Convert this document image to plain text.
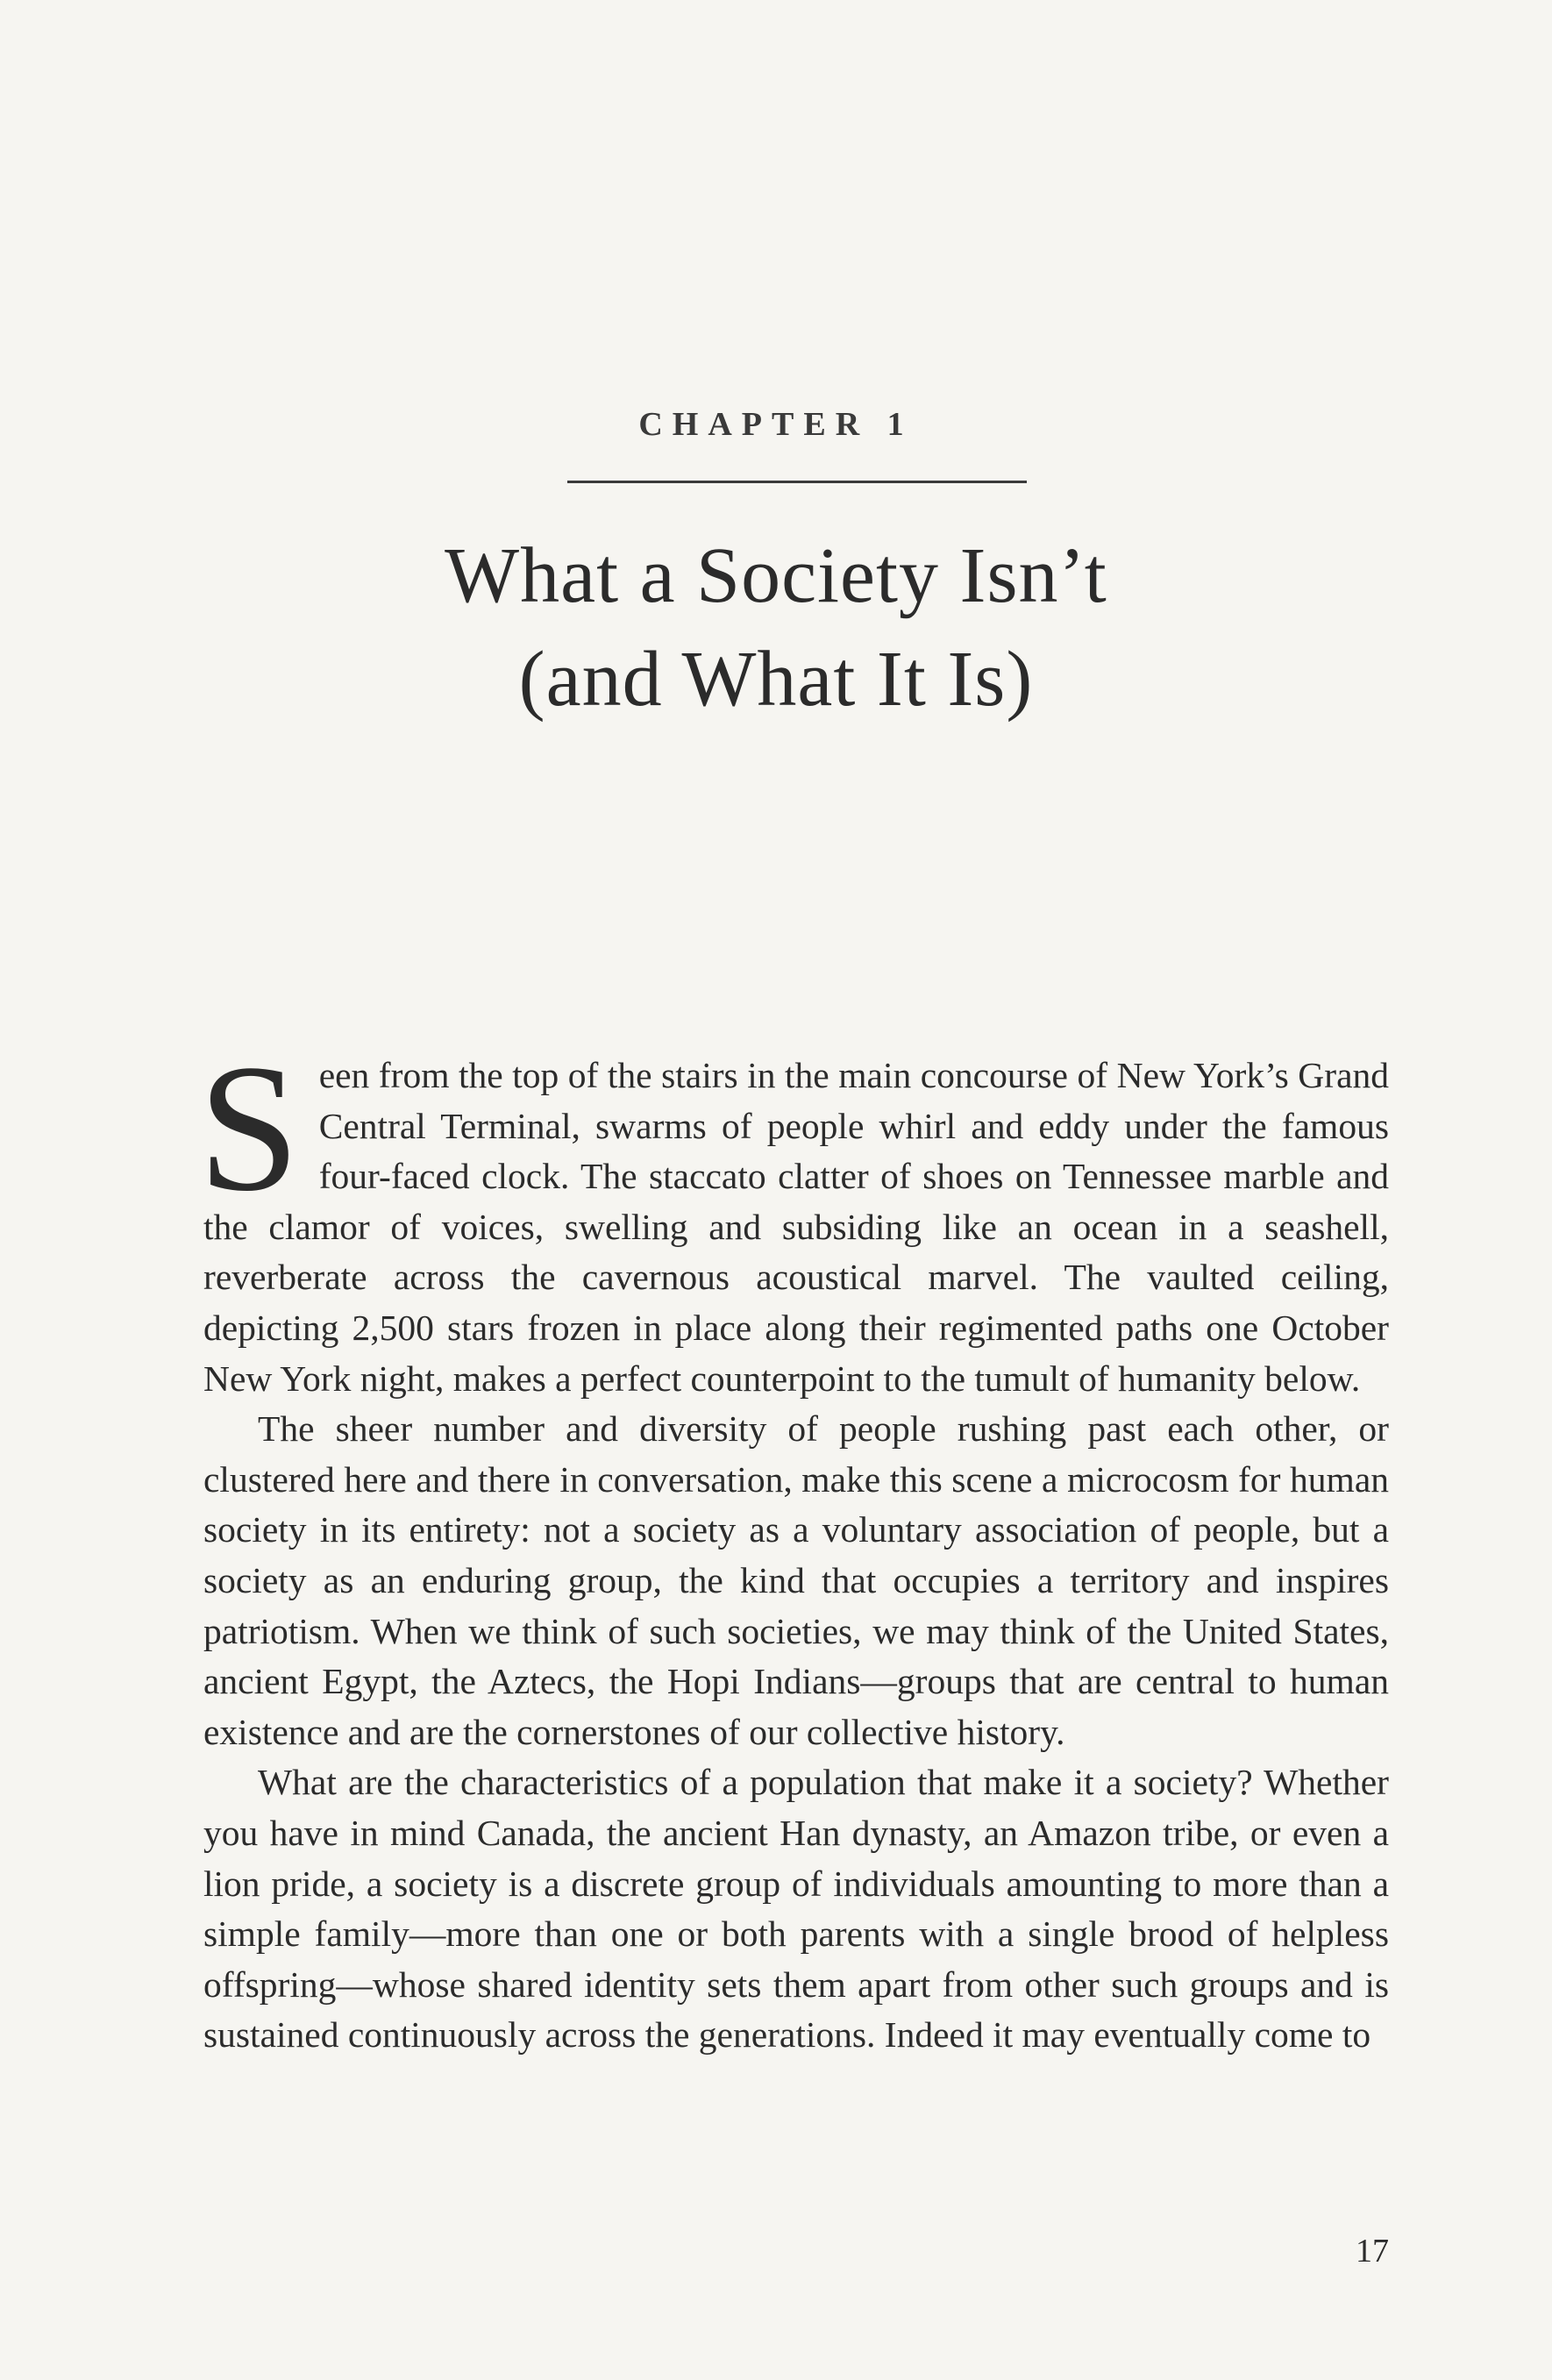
CHAPTER 1
What a Society Isn’t
(and What It Is)

Seen from the top of the stairs in the main concourse of New York’s Grand Central Terminal, swarms of people whirl and eddy under the famous four-faced clock. The staccato clatter of shoes on Tennessee marble and the clamor of voices, swelling and subsiding like an ocean in a seashell, reverberate across the cavernous acoustical marvel. The vaulted ceiling, depicting 2,500 stars frozen in place along their regimented paths one October New York night, makes a perfect counterpoint to the tumult of humanity below.

The sheer number and diversity of people rushing past each other, or clustered here and there in conversation, make this scene a microcosm for human society in its entirety: not a society as a voluntary association of people, but a society as an enduring group, the kind that occupies a territory and inspires patriotism. When we think of such societies, we may think of the United States, ancient Egypt, the Aztecs, the Hopi Indians—groups that are central to human existence and are the cornerstones of our collective history.

What are the characteristics of a population that make it a society? Whether you have in mind Canada, the ancient Han dynasty, an Amazon tribe, or even a lion pride, a society is a discrete group of individuals amounting to more than a simple family—more than one or both parents with a single brood of helpless offspring—whose shared identity sets them apart from other such groups and is sustained continuously across the generations. Indeed it may eventually come to

17
